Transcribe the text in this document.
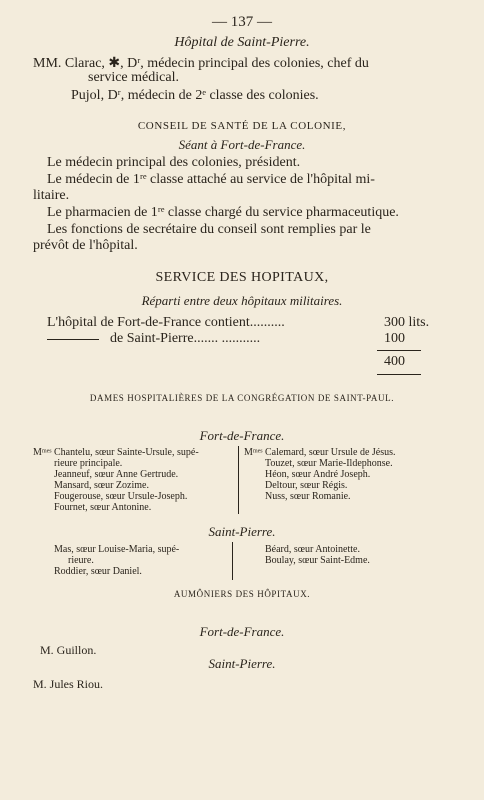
— 137 —
Hôpital de Saint-Pierre.
MM. Clarac, ✱, Dʳ, médecin principal des colonies, chef du
service médical.
Pujol, Dʳ, médecin de 2ᵉ classe des colonies.
CONSEIL DE SANTÉ DE LA COLONIE,
Séant à Fort-de-France.
Le médecin principal des colonies, président.
Le médecin de 1ʳᵉ classe attaché au service de l'hôpital mi-
litaire.
Le pharmacien de 1ʳᵉ classe chargé du service pharmaceutique.
Les fonctions de secrétaire du conseil sont remplies par le
prévôt de l'hôpital.
SERVICE DES HOPITAUX,
Réparti entre deux hôpitaux militaires.
L'hôpital de Fort-de-France contient..........	300 lits.
de Saint-Pierre....... ...........	100
400
DAMES HOSPITALIÈRES DE LA CONGRÉGATION DE SAINT-PAUL.
Fort-de-France.
Mᵐᵉˢ Chantelu, sœur Sainte-Ursule, supé-
rieure principale.
Jeanneuf, sœur Anne Gertrude.
Mansard, sœur Zozime.
Fougerouse, sœur Ursule-Joseph.
Fournet, sœur Antonine.
Mᵐᵉˢ Calemard, sœur Ursule de Jésus.
Touzet, sœur Marie-Ildephonse.
Héon, sœur André Joseph.
Deltour, sœur Régis.
Nuss, sœur Romanie.
Saint-Pierre.
Mas, sœur Louise-Maria, supé-
rieure.
Roddier, sœur Daniel.
Béard, sœur Antoinette.
Boulay, sœur Saint-Edme.
AUMÔNIERS DES HÔPITAUX.
Fort-de-France.
M. Guillon.
Saint-Pierre.
M. Jules Riou.
